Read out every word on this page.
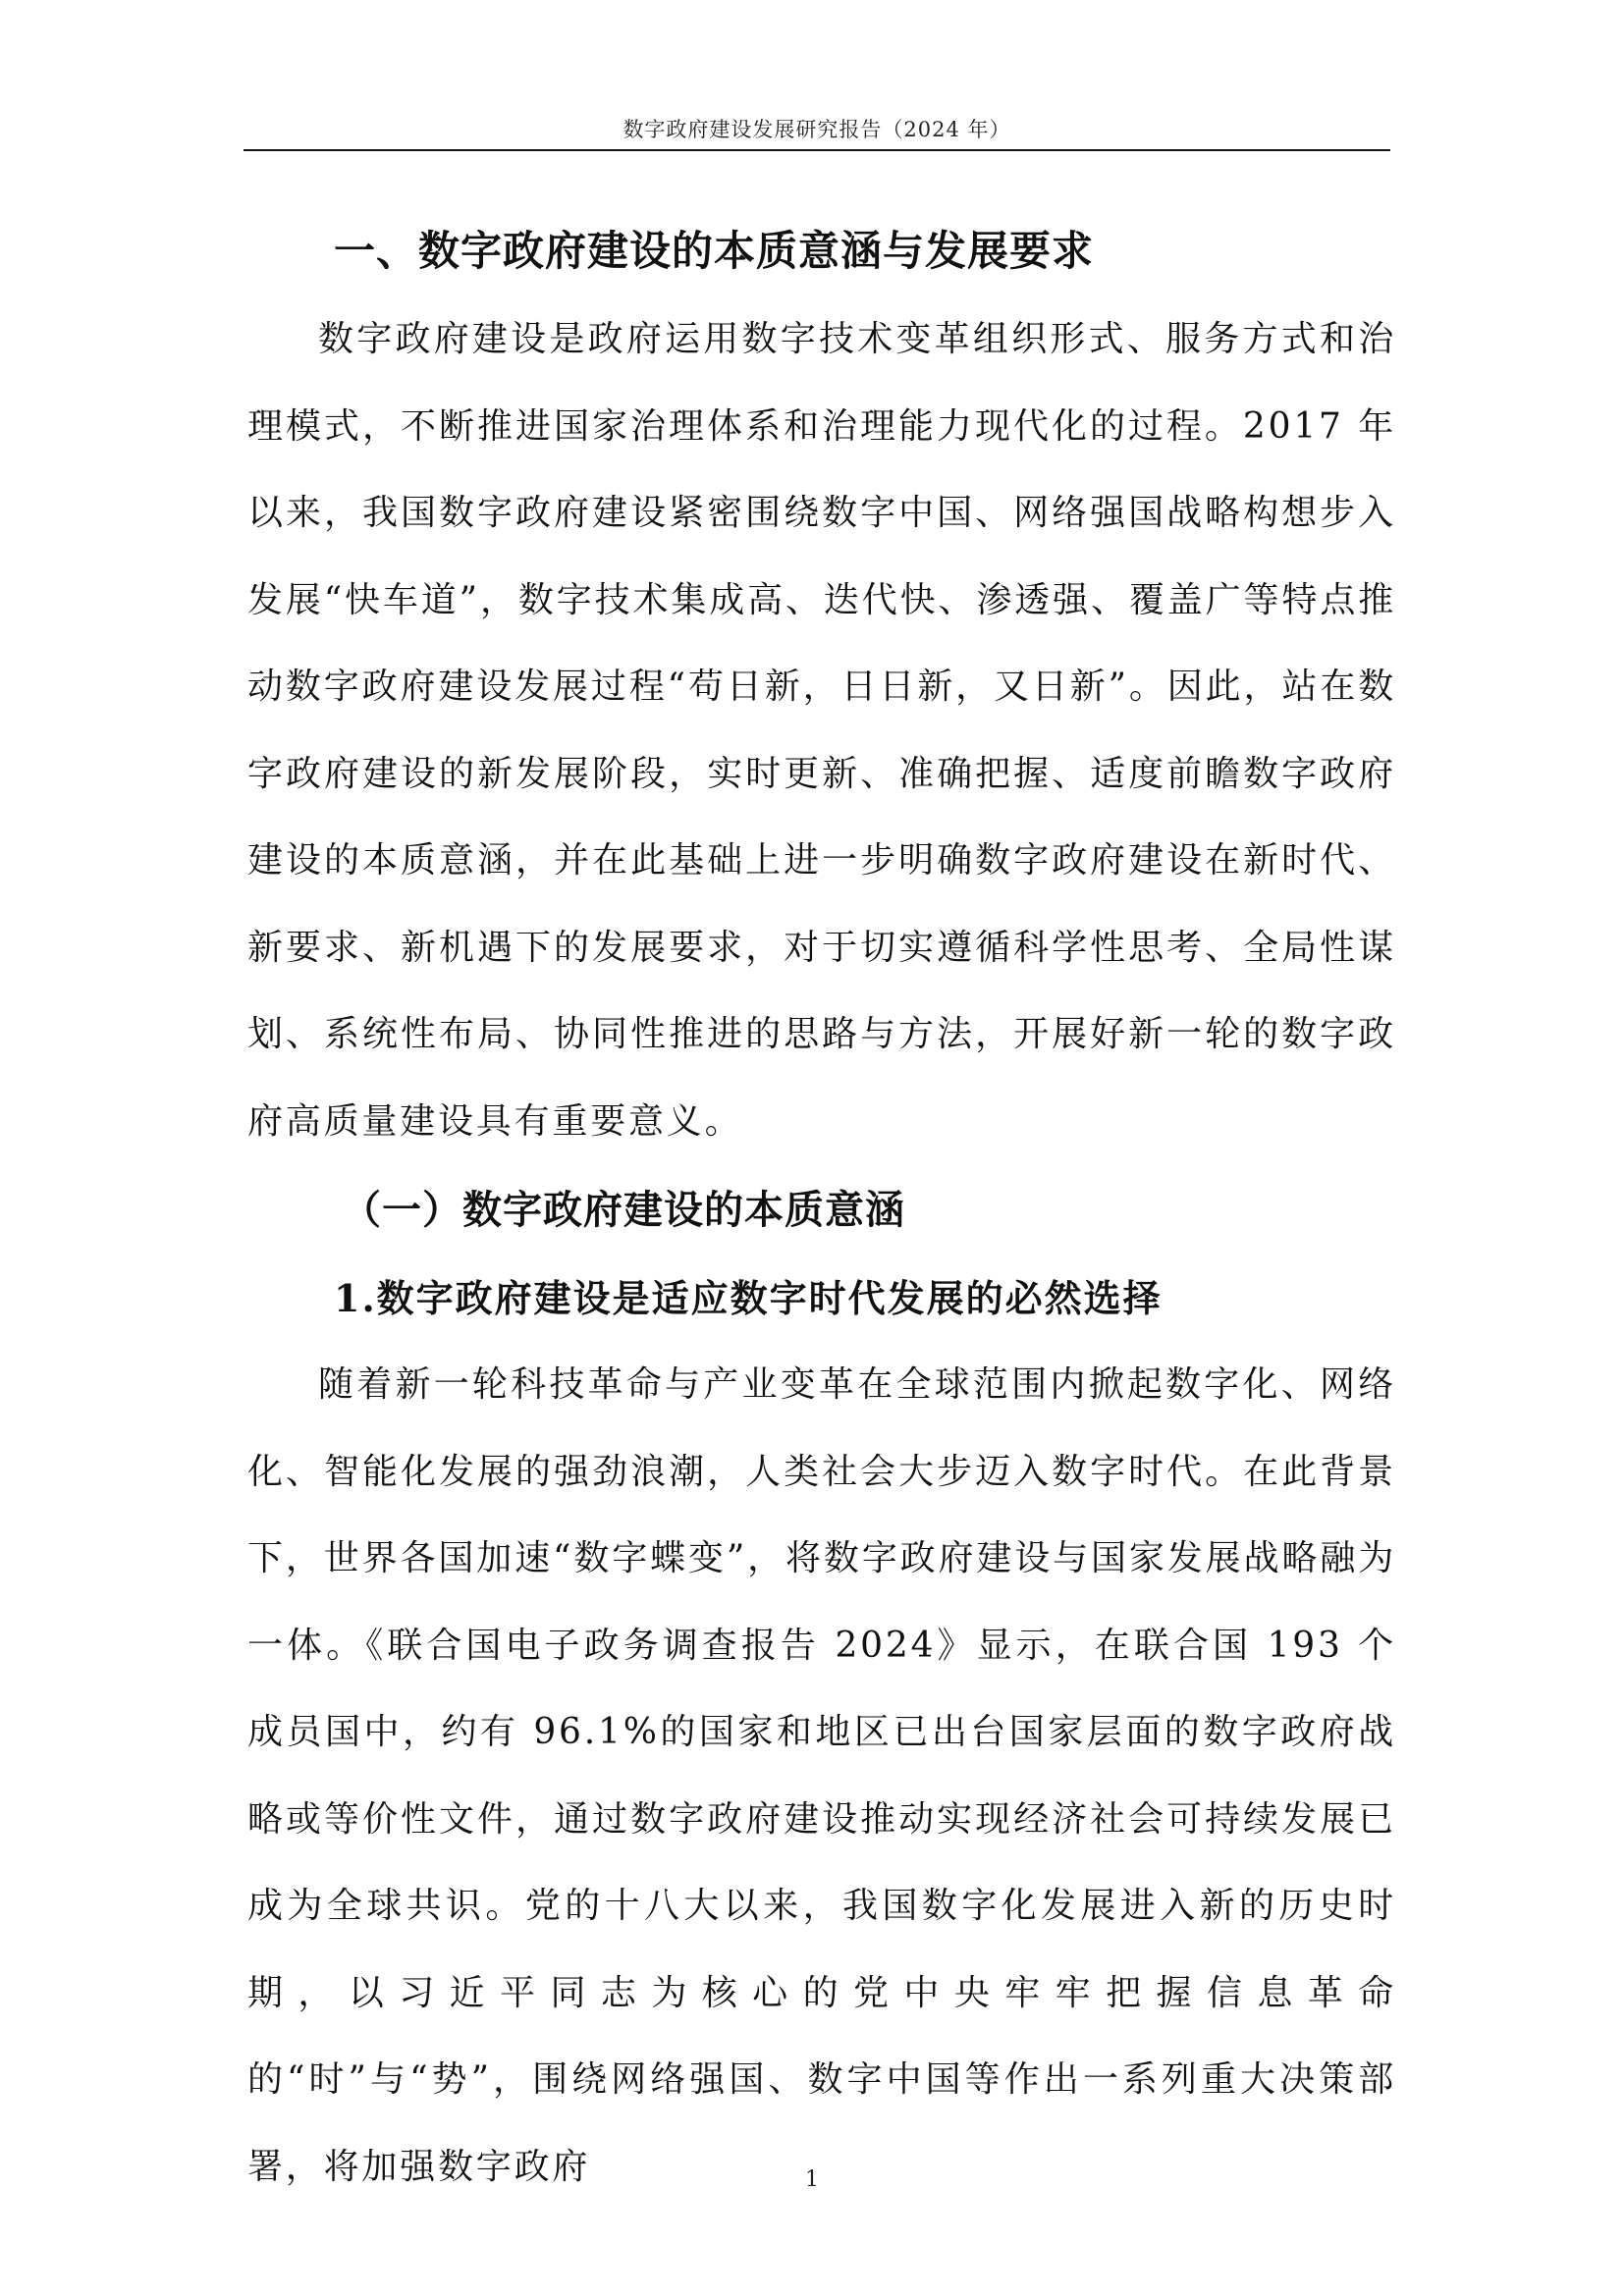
数字政府建设发展研究报告（2024 年）
一、数字政府建设的本质意涵与发展要求

数字政府建设是政府运用数字技术变革组织形式、服务方式和治理模式，不断推进国家治理体系和治理能力现代化的过程。2017 年以来，我国数字政府建设紧密围绕数字中国、网络强国战略构想步入发展“快车道”，数字技术集成高、迭代快、渗透强、覆盖广等特点推动数字政府建设发展过程“苟日新，日日新，又日新”。因此，站在数字政府建设的新发展阶段，实时更新、准确把握、适度前瞻数字政府建设的本质意涵，并在此基础上进一步明确数字政府建设在新时代、新要求、新机遇下的发展要求，对于切实遵循科学性思考、全局性谋划、系统性布局、协同性推进的思路与方法，开展好新一轮的数字政府高质量建设具有重要意义。

（一）数字政府建设的本质意涵
1.数字政府建设是适应数字时代发展的必然选择

随着新一轮科技革命与产业变革在全球范围内掀起数字化、网络化、智能化发展的强劲浪潮，人类社会大步迈入数字时代。在此背景下，世界各国加速“数字蝶变”，将数字政府建设与国家发展战略融为一体。《联合国电子政务调查报告 2024》显示，在联合国 193 个成员国中，约有 96.1%的国家和地区已出台国家层面的数字政府战略或等价性文件，通过数字政府建设推动实现经济社会可持续发展已成为全球共识。党的十八大以来，我国数字化发展进入新的历史时期，以习近平同志为核心的党中央牢牢把握信息革命的“时”与“势”，围绕网络强国、数字中国等作出一系列重大决策部署，将加强数字政府	1
